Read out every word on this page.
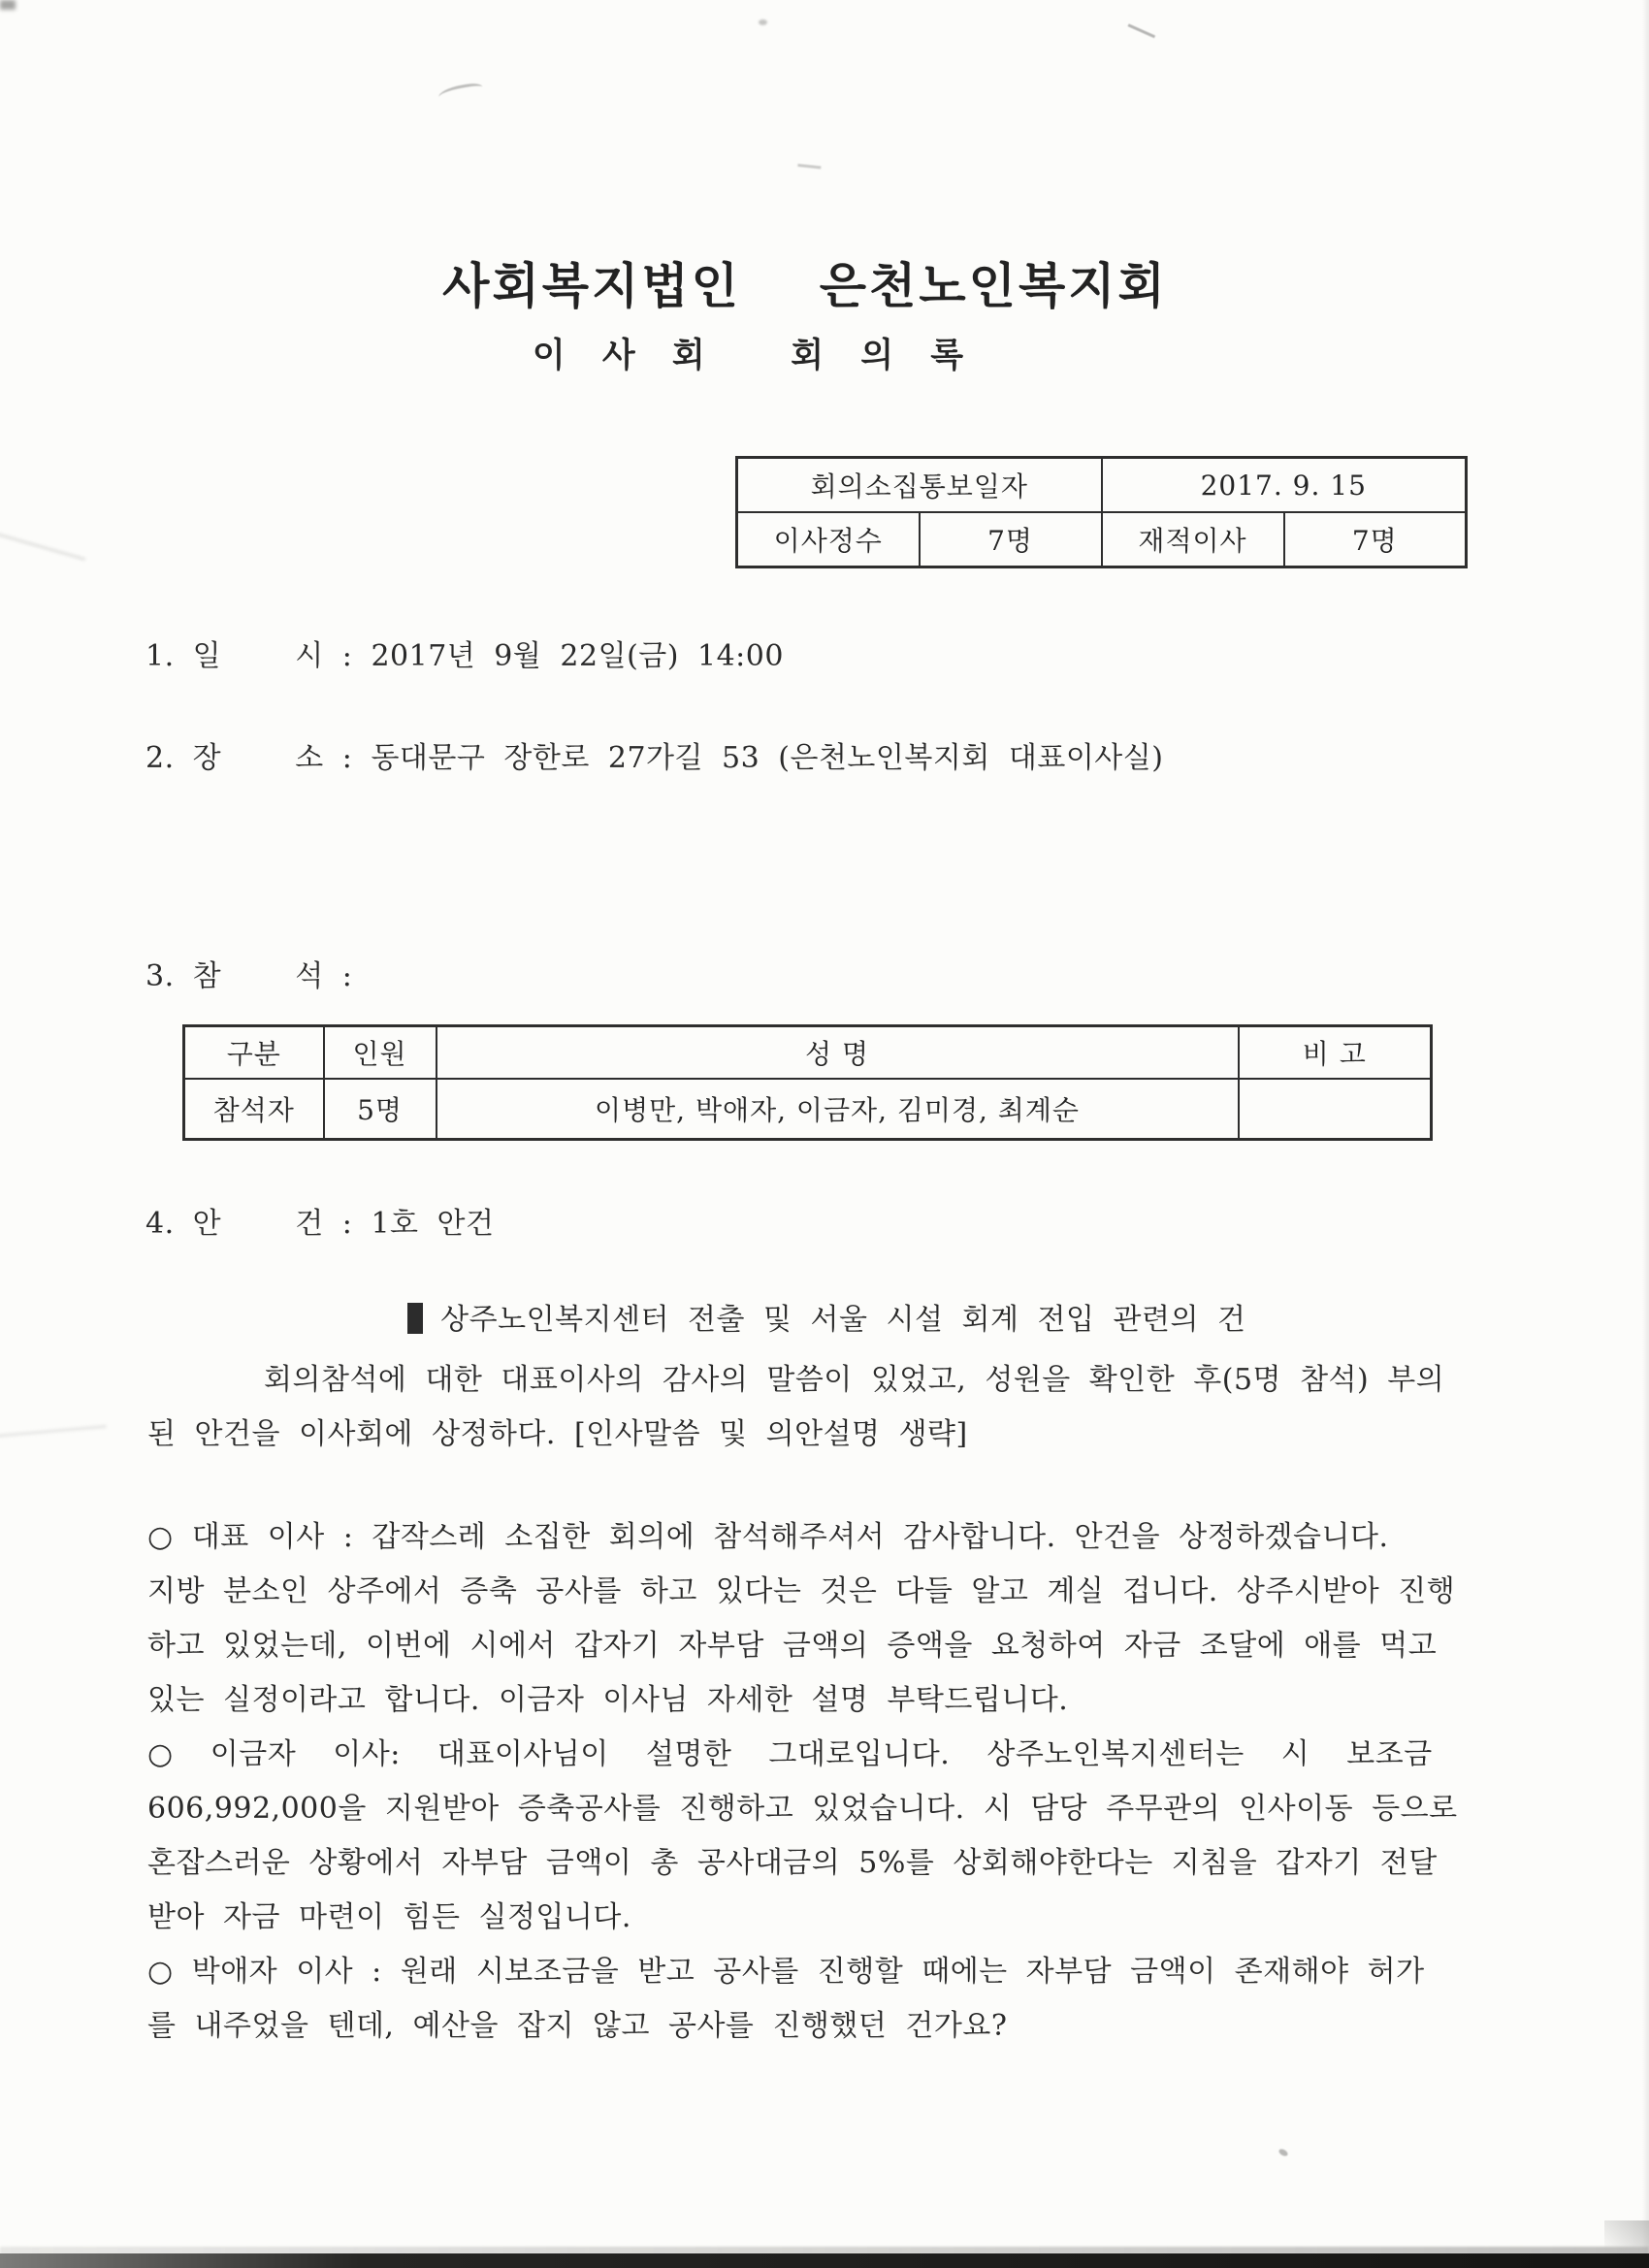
사회복지법인  은천노인복지회
이 사 회   회 의 록
회의소집통보일자		2017. 9. 15	
이사정수	7명	재적이사	7명
1. 일    시 : 2017년 9월 22일(금) 14:00
2. 장    소 : 동대문구 장한로 27가길 53 (은천노인복지회 대표이사실)
3. 참    석 :
구분	인원	성 명	비 고
참석자	5명	이병만, 박애자, 이금자, 김미경, 최계순	
4. 안    건 : 1호 안건

상주노인복지센터 전출 및 서울 시설 회계 전입 관련의 건

회의참석에 대한 대표이사의 감사의 말씀이 있었고, 성원을 확인한 후(5명 참석) 부의
된 안건을 이사회에 상정하다. [인사말씀 및 의안설명 생략]
○ 대표 이사 : 갑작스레 소집한 회의에 참석해주셔서 감사합니다. 안건을 상정하겠습니다.
지방 분소인 상주에서 증축 공사를 하고 있다는 것은 다들 알고 계실 겁니다. 상주시받아 진행
하고 있었는데, 이번에 시에서 갑자기 자부담 금액의 증액을 요청하여 자금 조달에 애를 먹고
있는 실정이라고 합니다. 이금자 이사님 자세한 설명 부탁드립니다.
○  이금자  이사:  대표이사님이  설명한  그대로입니다.  상주노인복지센터는  시  보조금
606,992,000을 지원받아 증축공사를 진행하고 있었습니다. 시 담당 주무관의 인사이동 등으로
혼잡스러운 상황에서 자부담 금액이 총 공사대금의 5%를 상회해야한다는 지침을 갑자기 전달
받아 자금 마련이 힘든 실정입니다.
○ 박애자 이사 : 원래 시보조금을 받고 공사를 진행할 때에는 자부담 금액이 존재해야 허가
를 내주었을 텐데, 예산을 잡지 않고 공사를 진행했던 건가요?
